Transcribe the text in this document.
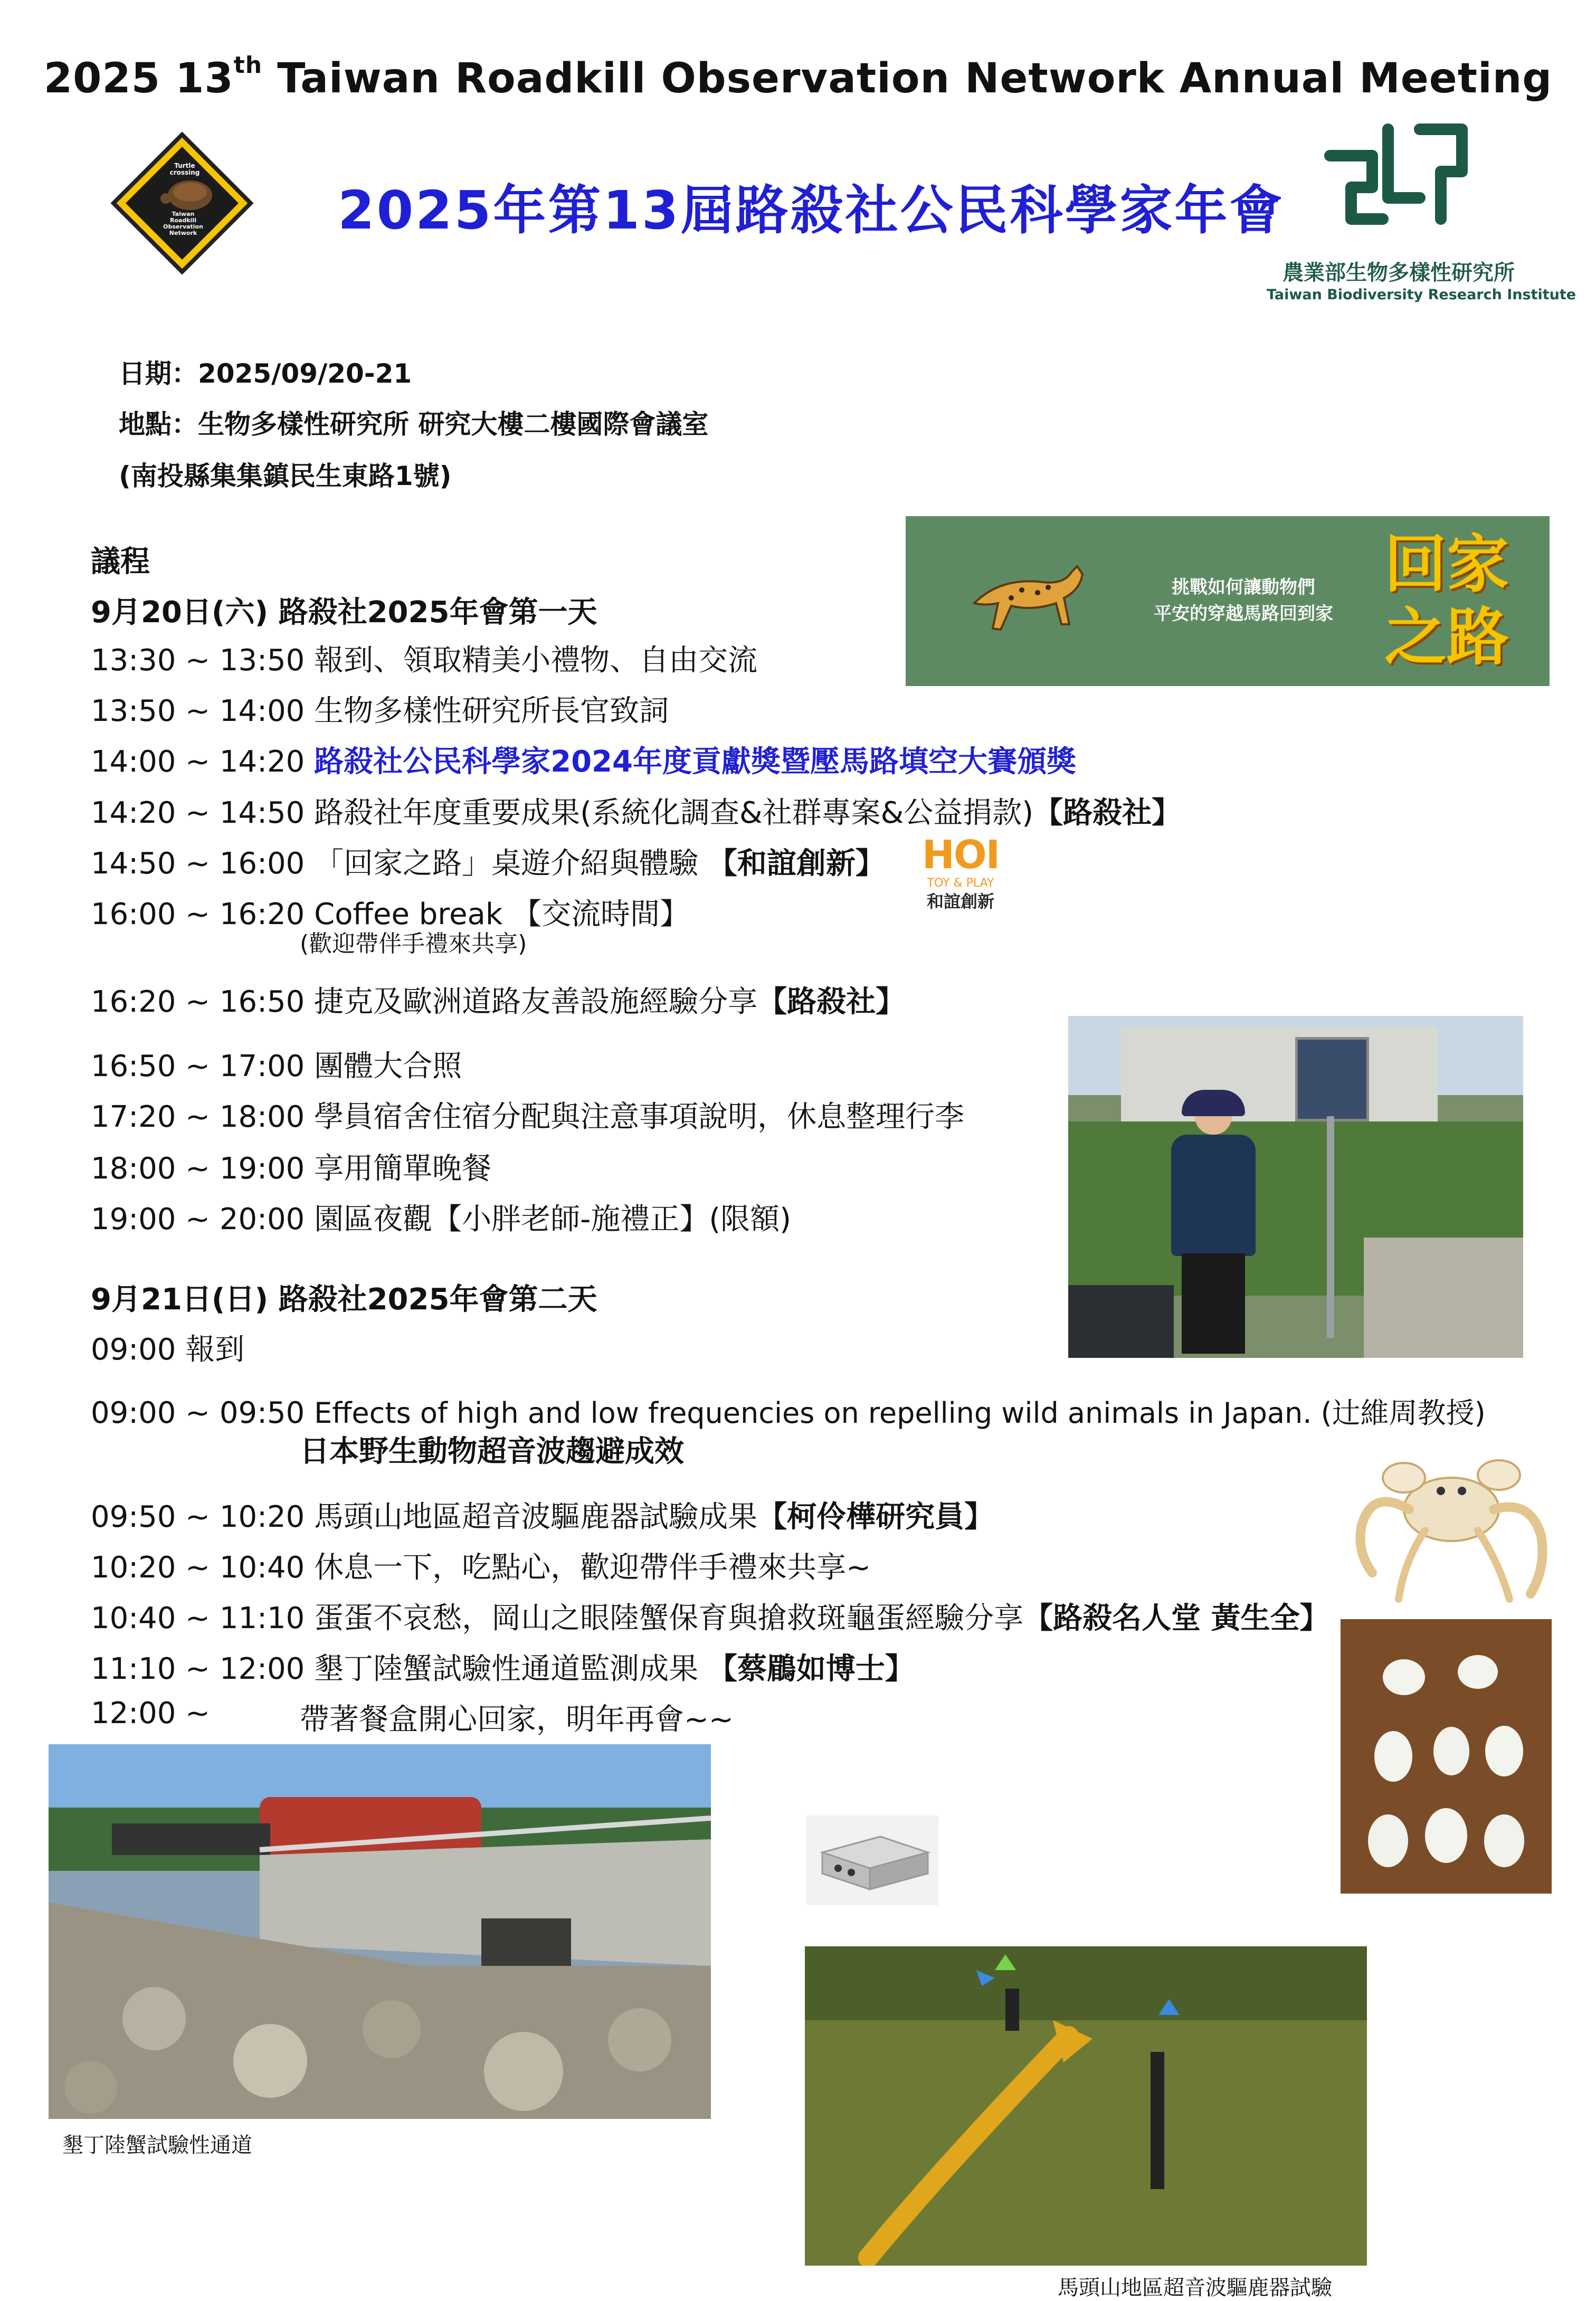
2025 13th Taiwan Roadkill Observation Network Annual Meeting
Turtle
crossing
Taiwan Roadkill
Observation
Network	2025年第13屆路殺社公民科學家年會
農業部生物多樣性研究所
Taiwan Biodiversity Research Institute
日期：2025/09/20-21
地點：生物多樣性研究所 研究大樓二樓國際會議室
(南投縣集集鎮民生東路1號)
挑戰如何讓動物們
平安的穿越馬路回到家
回家
之路
議程
9月20日(六) 路殺社2025年會第一天
13:30 ~ 13:50 報到、領取精美小禮物、自由交流
13:50 ~ 14:00 生物多樣性研究所長官致詞
14:00 ~ 14:20 路殺社公民科學家2024年度貢獻獎暨壓馬路填空大賽頒獎
14:20 ~ 14:50 路殺社年度重要成果(系統化調查&社群專案&公益捐款)【路殺社】
14:50 ~ 16:00 「回家之路」桌遊介紹與體驗 【和誼創新】
16:00 ~ 16:20 Coffee break 【交流時間】
(歡迎帶伴手禮來共享)
HOI
TOY & PLAY
和誼創新
16:20 ~ 16:50 捷克及歐洲道路友善設施經驗分享【路殺社】
16:50 ~ 17:00 團體大合照
17:20 ~ 18:00 學員宿舍住宿分配與注意事項說明，休息整理行李
18:00 ~ 19:00 享用簡單晚餐
19:00 ~ 20:00 園區夜觀【小胖老師-施禮正】(限額)
9月21日(日) 路殺社2025年會第二天
09:00 報到
09:00 ~ 09:50 Effects of high and low frequencies on repelling wild animals in Japan. (辻維周教授)
日本野生動物超音波趨避成效
09:50 ~ 10:20 馬頭山地區超音波驅鹿器試驗成果【柯伶樺研究員】
10:20 ~ 10:40 休息一下，吃點心，歡迎帶伴手禮來共享~
10:40 ~ 11:10 蛋蛋不哀愁，岡山之眼陸蟹保育與搶救斑龜蛋經驗分享【路殺名人堂 黃生全】
11:10 ~ 12:00 墾丁陸蟹試驗性通道監測成果 【蔡鶥如博士】
12:00 ~	帶著餐盒開心回家，明年再會~~
墾丁陸蟹試驗性通道
馬頭山地區超音波驅鹿器試驗
